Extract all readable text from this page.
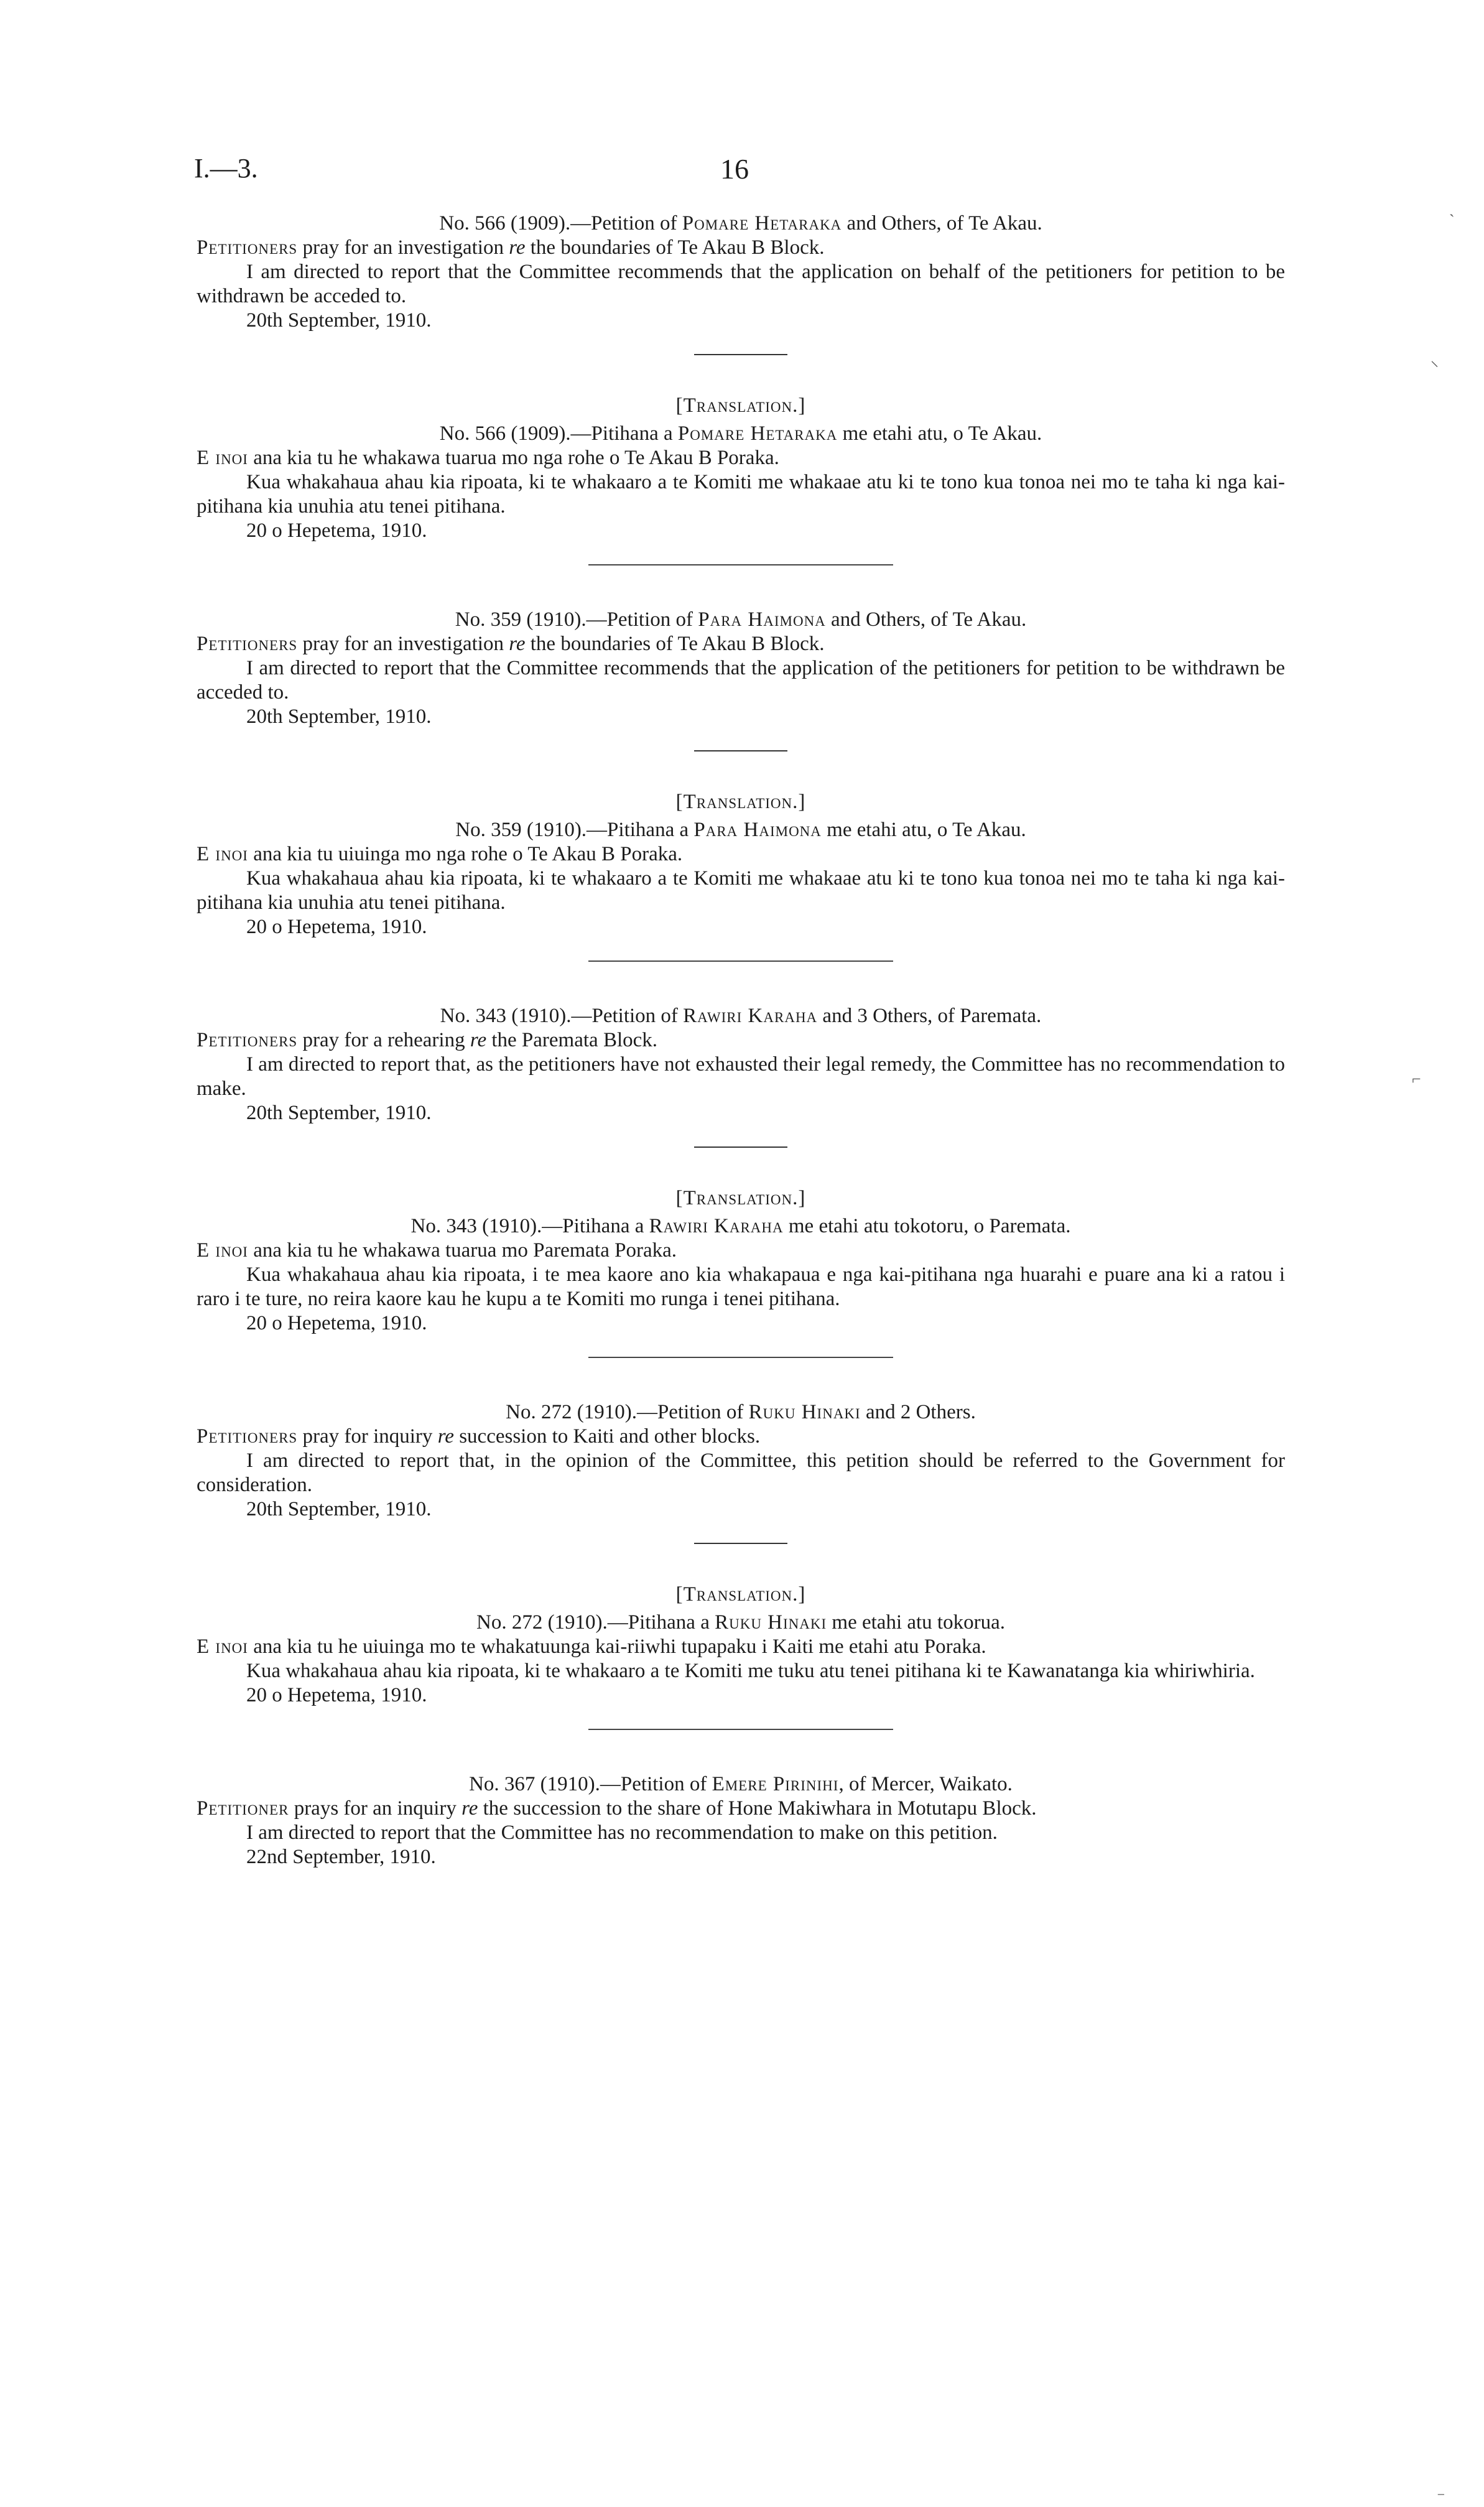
I.—3.	16
No. 566 (1909).—Petition of Pomare Hetaraka and Others, of Te Akau.

Petitioners pray for an investigation re the boundaries of Te Akau B Block.

I am directed to report that the Committee recommends that the application on behalf of the petitioners for petition to be withdrawn be acceded to.

20th September, 1910.
[Translation.]
No. 566 (1909).—Pitihana a Pomare Hetaraka me etahi atu, o Te Akau.

E inoi ana kia tu he whakawa tuarua mo nga rohe o Te Akau B Poraka.

Kua whakahaua ahau kia ripoata, ki te whakaaro a te Komiti me whakaae atu ki te tono kua tonoa nei mo te taha ki nga kai-pitihana kia unuhia atu tenei pitihana.

20 o Hepetema, 1910.
No. 359 (1910).—Petition of Para Haimona and Others, of Te Akau.

Petitioners pray for an investigation re the boundaries of Te Akau B Block.

I am directed to report that the Committee recommends that the application of the petitioners for petition to be withdrawn be acceded to.

20th September, 1910.
[Translation.]
No. 359 (1910).—Pitihana a Para Haimona me etahi atu, o Te Akau.

E inoi ana kia tu uiuinga mo nga rohe o Te Akau B Poraka.

Kua whakahaua ahau kia ripoata, ki te whakaaro a te Komiti me whakaae atu ki te tono kua tonoa nei mo te taha ki nga kai-pitihana kia unuhia atu tenei pitihana.

20 o Hepetema, 1910.
No. 343 (1910).—Petition of Rawiri Karaha and 3 Others, of Paremata.

Petitioners pray for a rehearing re the Paremata Block.

I am directed to report that, as the petitioners have not exhausted their legal remedy, the Committee has no recommendation to make.

20th September, 1910.
[Translation.]
No. 343 (1910).—Pitihana a Rawiri Karaha me etahi atu tokotoru, o Paremata.

E inoi ana kia tu he whakawa tuarua mo Paremata Poraka.

Kua whakahaua ahau kia ripoata, i te mea kaore ano kia whakapaua e nga kai-pitihana nga huarahi e puare ana ki a ratou i raro i te ture, no reira kaore kau he kupu a te Komiti mo runga i tenei pitihana.

20 o Hepetema, 1910.
No. 272 (1910).—Petition of Ruku Hinaki and 2 Others.

Petitioners pray for inquiry re succession to Kaiti and other blocks.

I am directed to report that, in the opinion of the Committee, this petition should be referred to the Government for consideration.

20th September, 1910.
[Translation.]
No. 272 (1910).—Pitihana a Ruku Hinaki me etahi atu tokorua.

E inoi ana kia tu he uiuinga mo te whakatuunga kai-riiwhi tupapaku i Kaiti me etahi atu Poraka.

Kua whakahaua ahau kia ripoata, ki te whakaaro a te Komiti me tuku atu tenei pitihana ki te Kawanatanga kia whiriwhiria.

20 o Hepetema, 1910.
No. 367 (1910).—Petition of Emere Pirinihi, of Mercer, Waikato.

Petitioner prays for an inquiry re the succession to the share of Hone Makiwhara in Motutapu Block.

I am directed to report that the Committee has no recommendation to make on this petition.

22nd September, 1910.
ˋ
⸜
⌐
⁻
